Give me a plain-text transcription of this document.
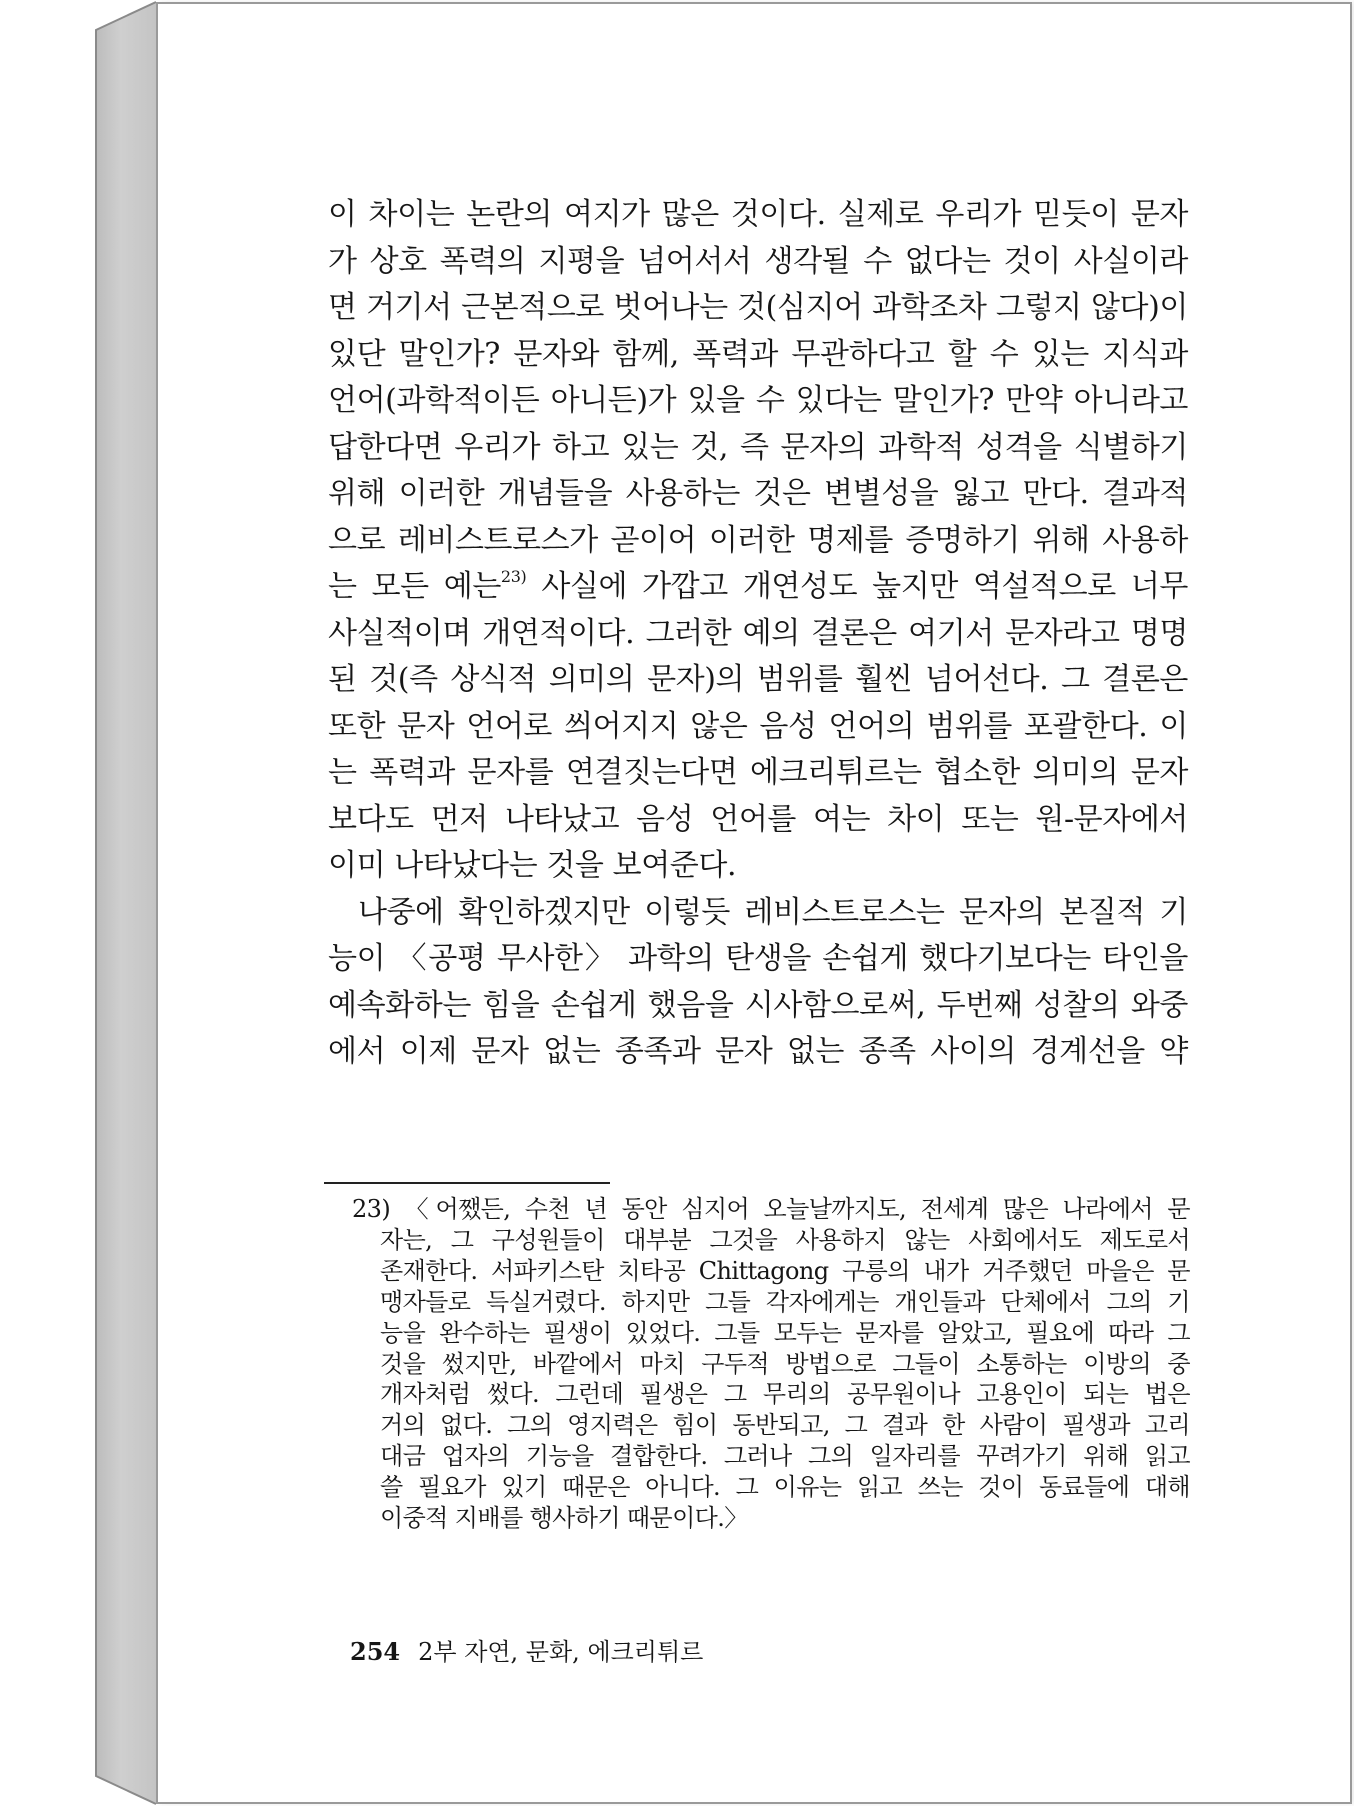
이 차이는 논란의 여지가 많은 것이다. 실제로 우리가 믿듯이 문자
가 상호 폭력의 지평을 넘어서서 생각될 수 없다는 것이 사실이라
면 거기서 근본적으로 벗어나는 것(심지어 과학조차 그렇지 않다)이
있단 말인가? 문자와 함께, 폭력과 무관하다고 할 수 있는 지식과
언어(과학적이든 아니든)가 있을 수 있다는 말인가? 만약 아니라고
답한다면 우리가 하고 있는 것, 즉 문자의 과학적 성격을 식별하기
위해 이러한 개념들을 사용하는 것은 변별성을 잃고 만다. 결과적
으로 레비스트로스가 곧이어 이러한 명제를 증명하기 위해 사용하
는 모든 예는$^{23)}$ 사실에 가깝고 개연성도 높지만 역설적으로 너무
사실적이며 개연적이다. 그러한 예의 결론은 여기서 문자라고 명명
된 것(즉 상식적 의미의 문자)의 범위를 훨씬 넘어선다. 그 결론은
또한 문자 언어로 씌어지지 않은 음성 언어의 범위를 포괄한다. 이
는 폭력과 문자를 연결짓는다면 에크리튀르는 협소한 의미의 문자
보다도 먼저 나타났고 음성 언어를 여는 차이 또는 원-문자에서
이미 나타났다는 것을 보여준다.
나중에 확인하겠지만 이렇듯 레비스트로스는 문자의 본질적 기
능이 〈공평 무사한〉 과학의 탄생을 손쉽게 했다기보다는 타인을
예속화하는 힘을 손쉽게 했음을 시사함으로써, 두번째 성찰의 와중
에서 이제 문자 없는 종족과 문자 없는 종족 사이의 경계선을 약
23) 〈어쨌든, 수천 년 동안 심지어 오늘날까지도, 전세계 많은 나라에서 문
자는, 그 구성원들이 대부분 그것을 사용하지 않는 사회에서도 제도로서
존재한다. 서파키스탄 치타공 Chittagong 구릉의 내가 거주했던 마을은 문
맹자들로 득실거렸다. 하지만 그들 각자에게는 개인들과 단체에서 그의 기
능을 완수하는 필생이 있었다. 그들 모두는 문자를 알았고, 필요에 따라 그
것을 썼지만, 바깥에서 마치 구두적 방법으로 그들이 소통하는 이방의 중
개자처럼 썼다. 그런데 필생은 그 무리의 공무원이나 고용인이 되는 법은
거의 없다. 그의 영지력은 힘이 동반되고, 그 결과 한 사람이 필생과 고리
대금 업자의 기능을 결합한다. 그러나 그의 일자리를 꾸려가기 위해 읽고
쓸 필요가 있기 때문은 아니다. 그 이유는 읽고 쓰는 것이 동료들에 대해
이중적 지배를 행사하기 때문이다.〉
254 2부 자연, 문화, 에크리튀르
